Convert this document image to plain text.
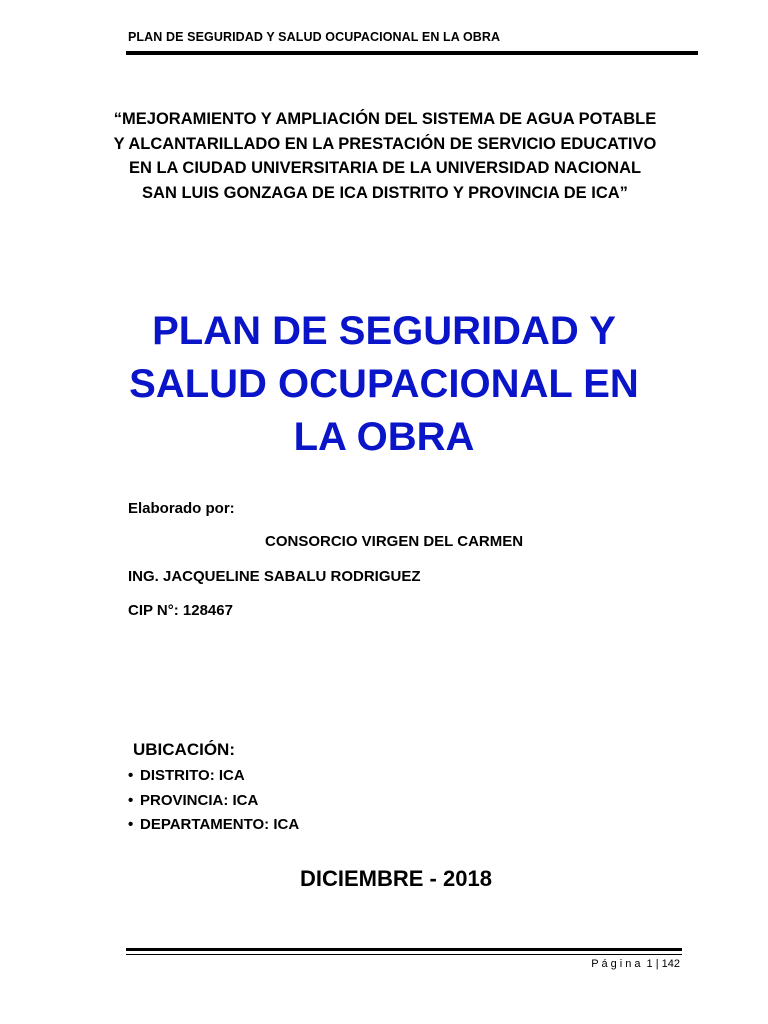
PLAN DE SEGURIDAD Y SALUD OCUPACIONAL EN LA OBRA
“MEJORAMIENTO Y AMPLIACIÓN DEL SISTEMA DE AGUA POTABLE
Y ALCANTARILLADO EN LA PRESTACIÓN DE SERVICIO EDUCATIVO
EN LA CIUDAD UNIVERSITARIA DE LA UNIVERSIDAD NACIONAL
SAN LUIS GONZAGA DE ICA DISTRITO Y PROVINCIA DE ICA”
PLAN DE SEGURIDAD Y
SALUD OCUPACIONAL EN
LA OBRA
Elaborado por:
CONSORCIO VIRGEN DEL CARMEN
ING. JACQUELINE SABALU RODRIGUEZ
CIP N°: 128467
UBICACIÓN:
• DISTRITO: ICA
• PROVINCIA: ICA
• DEPARTAMENTO: ICA
DICIEMBRE - 2018
Página 1 | 142
